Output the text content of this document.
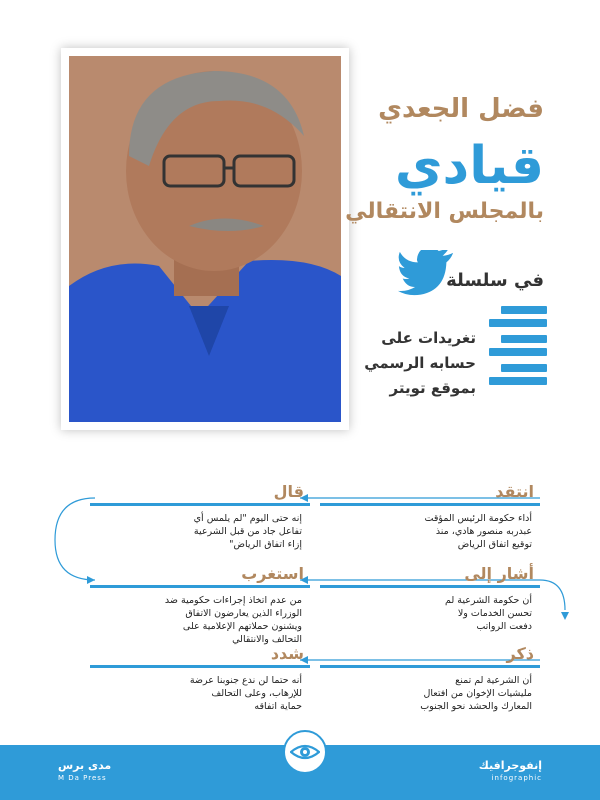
فضل الجعدي
قيادي
بالمجلس الانتقالي
في سلسلة
تغريدات على
حسابه الرسمي
بموقع تويتر
انتقد
أداء حكومة الرئيس المؤقت
عبدربه منصور هادي، منذ
توقيع اتفاق الرياض
قال
إنه حتى اليوم "لم يلمس أي
تفاعل جاد من قبل الشرعية
إزاء اتفاق الرياض"
أشار إلى
أن حكومة الشرعية لم
تحسن الخدمات ولا
دفعت الرواتب
استغرب
من عدم اتخاذ إجراءات حكومية ضد
الوزراء الذين يعارضون الاتفاق
ويشنون حملاتهم الإعلامية على
التحالف والانتقالي
ذكر
أن الشرعية لم تمنع
مليشيات الإخوان من افتعال
المعارك والحشد نحو الجنوب
شدد
أنه حتما لن ندع جنوبنا عرضة
للإرهاب، وعلى التحالف
حماية اتفاقه
مدى برس
M Da Press
إنفوجرافيك
infographic
